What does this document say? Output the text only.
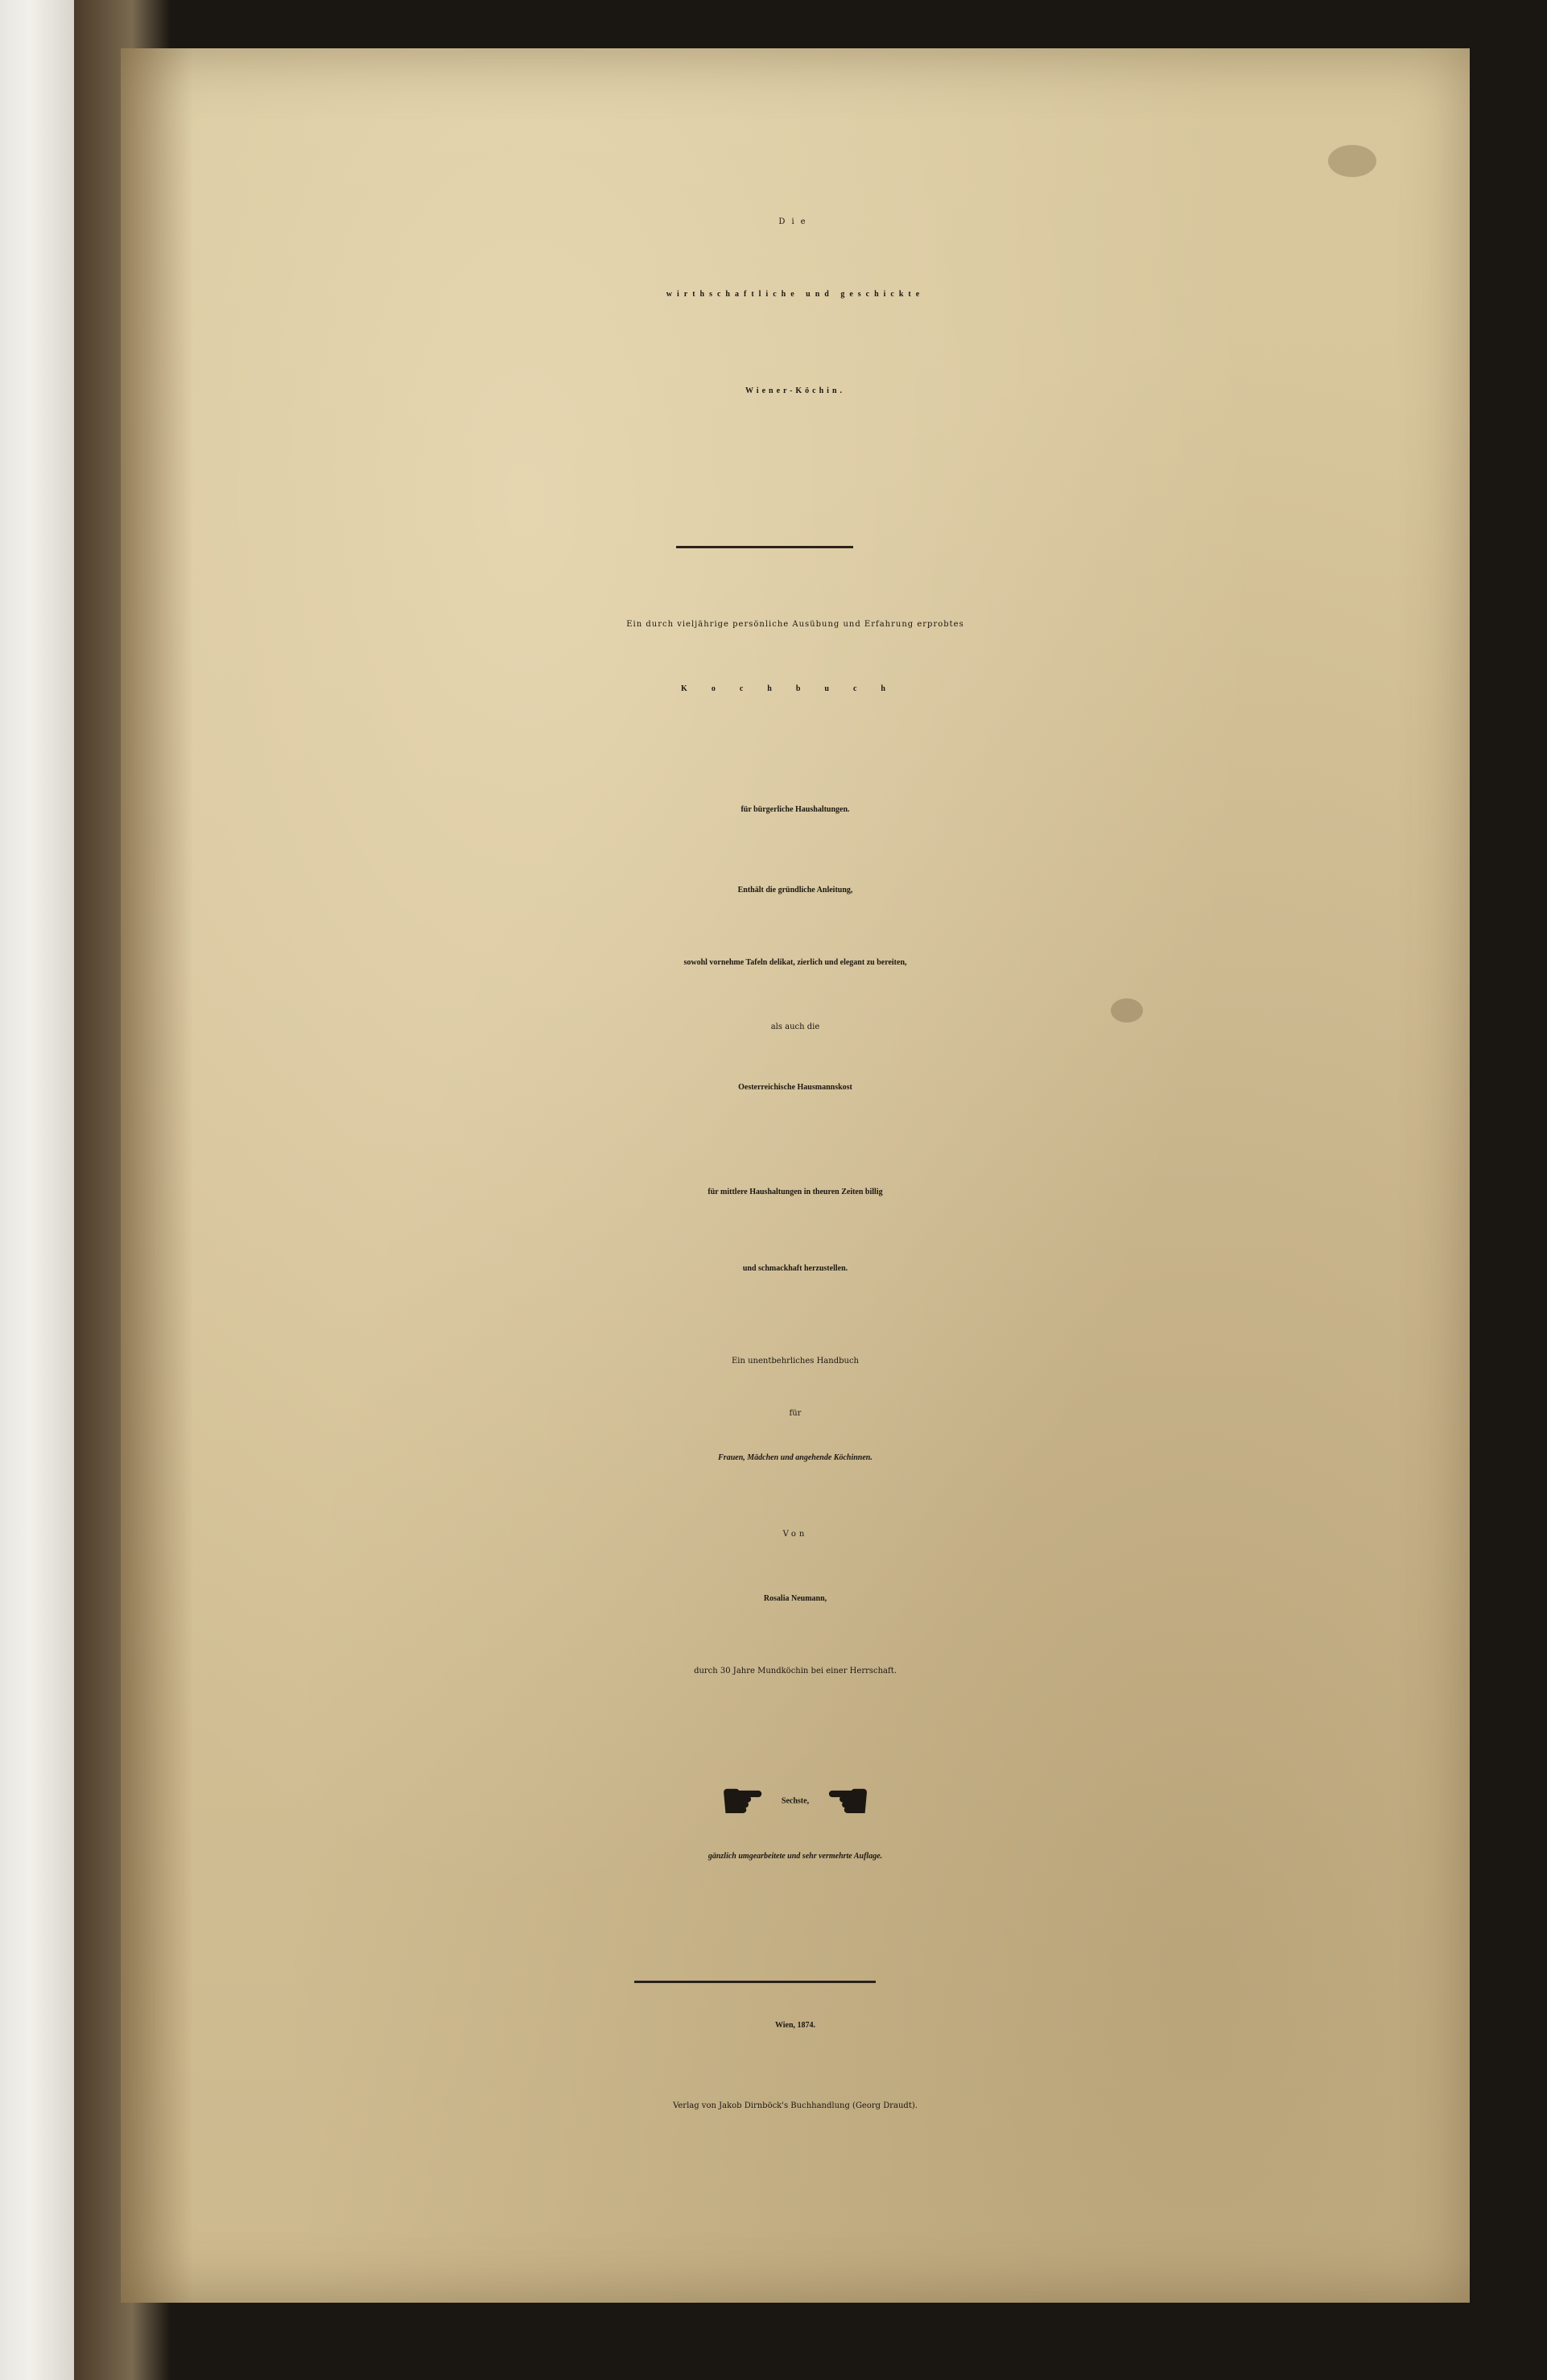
Die

wirthschaftliche und geschickte

Wiener-Köchin.

Ein durch vieljährige persönliche Ausübung und Erfahrung erprobtes

Kochbuch

für bürgerliche Haushaltungen.

Enthält die gründliche Anleitung,

sowohl vornehme Tafeln delikat, zierlich und elegant zu bereiten,

als auch die

Oesterreichische Hausmannskost

für mittlere Haushaltungen in theuren Zeiten billig

und schmackhaft herzustellen.

Ein unentbehrliches Handbuch

für

Frauen, Mädchen und angehende Köchinnen.

Von

Rosalia Neumann,

durch 30 Jahre Mundköchin bei einer Herrschaft.

☛ Sechste, ☚

gänzlich umgearbeitete und sehr vermehrte Auflage.

Wien, 1874.

Verlag von Jakob Dirnböck's Buchhandlung (Georg Draudt).
